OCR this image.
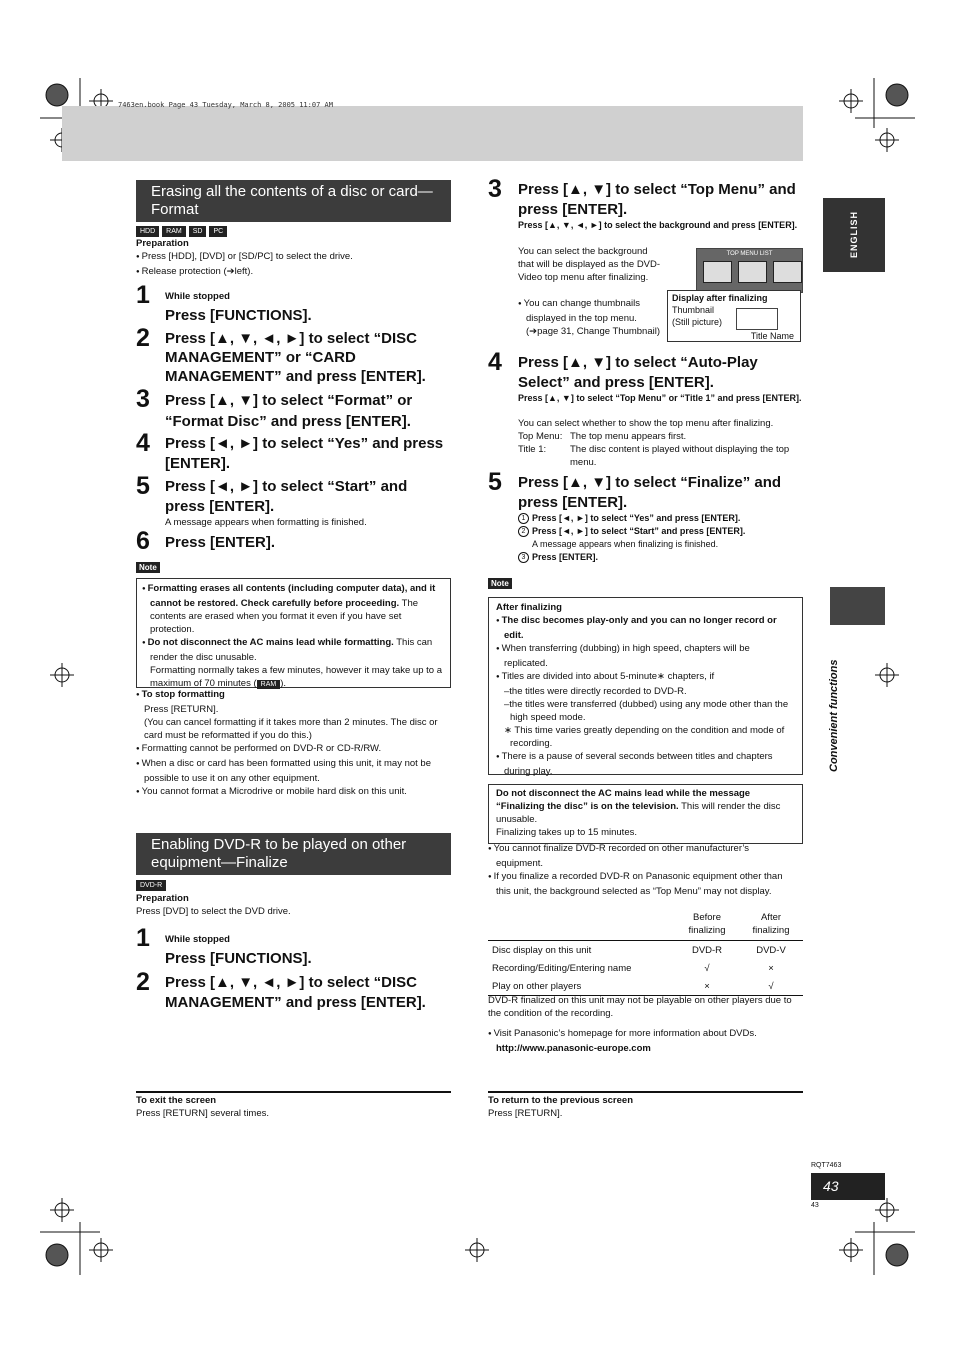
7463en.book Page 43 Tuesday, March 8, 2005 11:07 AM
ENGLISH
Convenient functions
RQT7463
43
43
Erasing all the contents of a disc or card—Format
HDD	RAM	SD	PC
Preparation
● Press [HDD], [DVD] or [SD/PC] to select the drive.
● Release protection (➔left).
1 While stopped
Press [FUNCTIONS].
2 Press [▲, ▼, ◄, ►] to select “DISC MANAGEMENT” or “CARD MANAGEMENT” and press [ENTER].
3 Press [▲, ▼] to select “Format” or “Format Disc” and press [ENTER].
4 Press [◄, ►] to select “Yes” and press [ENTER].
5 Press [◄, ►] to select “Start” and press [ENTER].
A message appears when formatting is finished.
6 Press [ENTER].
Note
● Formatting erases all contents (including computer data), and it cannot be restored. Check carefully before proceeding. The contents are erased when you format it even if you have set protection.
● Do not disconnect the AC mains lead while formatting. This can render the disc unusable.
Formatting normally takes a few minutes, however it may take up to a maximum of 70 minutes ( RAM ).
● To stop formatting
Press [RETURN].
(You can cancel formatting if it takes more than 2 minutes. The disc or card must be reformatted if you do this.)
● Formatting cannot be performed on DVD-R or CD-R/RW.
● When a disc or card has been formatted using this unit, it may not be possible to use it on any other equipment.
● You cannot format a Microdrive or mobile hard disk on this unit.
Enabling DVD-R to be played on other equipment—Finalize
DVD-R
Preparation
Press [DVD] to select the DVD drive.
1 While stopped
Press [FUNCTIONS].
2 Press [▲, ▼, ◄, ►] to select “DISC MANAGEMENT” and press [ENTER].
3 Press [▲, ▼] to select “Top Menu” and press [ENTER].
Press [▲, ▼, ◄, ►] to select the background and press [ENTER].
You can select the background that will be displayed as the DVD-Video top menu after finalizing.
● You can change thumbnails displayed in the top menu. (➔page 31, Change Thumbnail)
TOP MENU LIST
Display after finalizing
Thumbnail
(Still picture)
Title Name
4 Press [▲, ▼] to select “Auto-Play Select” and press [ENTER].
Press [▲, ▼] to select “Top Menu” or “Title 1” and press [ENTER].
You can select whether to show the top menu after finalizing.
Top Menu: The top menu appears first.
Title 1:	The disc content is played without displaying the top menu.
5 Press [▲, ▼] to select “Finalize” and press [ENTER].
1 Press [◄, ►] to select “Yes” and press [ENTER].
2 Press [◄, ►] to select “Start” and press [ENTER].
A message appears when finalizing is finished.
3 Press [ENTER].
Note
After finalizing
● The disc becomes play-only and you can no longer record or edit.
● When transferring (dubbing) in high speed, chapters will be replicated.
● Titles are divided into about 5-minute∗ chapters, if
–the titles were directly recorded to DVD-R.
–the titles were transferred (dubbed) using any mode other than the high speed mode.
∗ This time varies greatly depending on the condition and mode of recording.
● There is a pause of several seconds between titles and chapters during play.
Do not disconnect the AC mains lead while the message “Finalizing the disc” is on the television. This will render the disc unusable.
Finalizing takes up to 15 minutes.
● You cannot finalize DVD-R recorded on other manufacturer’s equipment.
● If you finalize a recorded DVD-R on Panasonic equipment other than this unit, the background selected as “Top Menu” may not display.
	Before finalizing	After finalizing
Disc display on this unit	DVD-R	DVD-V
Recording/Editing/Entering name	√	×
Play on other players	×	√
DVD-R finalized on this unit may not be playable on other players due to the condition of the recording.
● Visit Panasonic’s homepage for more information about DVDs.
http://www.panasonic-europe.com
To exit the screen
Press [RETURN] several times.
To return to the previous screen
Press [RETURN].
